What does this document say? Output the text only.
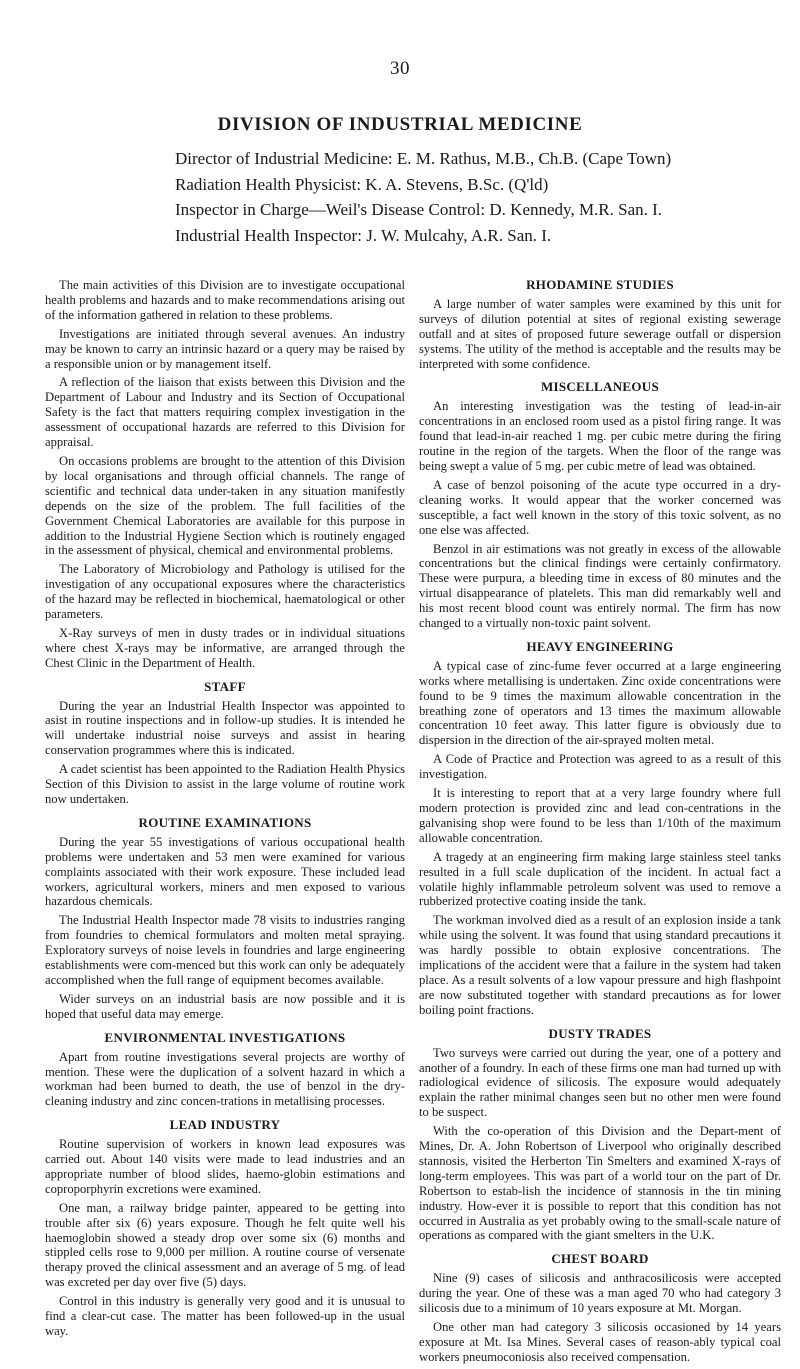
30
DIVISION OF INDUSTRIAL MEDICINE
Director of Industrial Medicine: E. M. Rathus, M.B., Ch.B. (Cape Town)
Radiation Health Physicist: K. A. Stevens, B.Sc. (Q'ld)
Inspector in Charge—Weil's Disease Control: D. Kennedy, M.R. San. I.
Industrial Health Inspector: J. W. Mulcahy, A.R. San. I.

The main activities of this Division are to investigate occupational health problems and hazards and to make recommendations arising out of the information gathered in relation to these problems.

Investigations are initiated through several avenues. An industry may be known to carry an intrinsic hazard or a query may be raised by a responsible union or by management itself.

A reflection of the liaison that exists between this Division and the Department of Labour and Industry and its Section of Occupational Safety is the fact that matters requiring complex investigation in the assessment of occupational hazards are referred to this Division for appraisal.

On occasions problems are brought to the attention of this Division by local organisations and through official channels. The range of scientific and technical data under-taken in any situation manifestly depends on the size of the problem. The full facilities of the Government Chemical Laboratories are available for this purpose in addition to the Industrial Hygiene Section which is routinely engaged in the assessment of physical, chemical and environmental problems.

The Laboratory of Microbiology and Pathology is utilised for the investigation of any occupational exposures where the characteristics of the hazard may be reflected in biochemical, haematological or other parameters.

X-Ray surveys of men in dusty trades or in individual situations where chest X-rays may be informative, are arranged through the Chest Clinic in the Department of Health.

STAFF

During the year an Industrial Health Inspector was appointed to asist in routine inspections and in follow-up studies. It is intended he will undertake industrial noise surveys and assist in hearing conservation programmes where this is indicated.

A cadet scientist has been appointed to the Radiation Health Physics Section of this Division to assist in the large volume of routine work now undertaken.

ROUTINE EXAMINATIONS

During the year 55 investigations of various occupational health problems were undertaken and 53 men were examined for various complaints associated with their work exposure. These included lead workers, agricultural workers, miners and men exposed to various hazardous chemicals.

The Industrial Health Inspector made 78 visits to industries ranging from foundries to chemical formulators and molten metal spraying. Exploratory surveys of noise levels in foundries and large engineering establishments were com-menced but this work can only be adequately accomplished when the full range of equipment becomes available.

Wider surveys on an industrial basis are now possible and it is hoped that useful data may emerge.

ENVIRONMENTAL INVESTIGATIONS

Apart from routine investigations several projects are worthy of mention. These were the duplication of a solvent hazard in which a workman had been burned to death, the use of benzol in the dry-cleaning industry and zinc concen-trations in metallising processes.

LEAD INDUSTRY

Routine supervision of workers in known lead exposures was carried out. About 140 visits were made to lead industries and an appropriate number of blood slides, haemo-globin estimations and coproporphyrin excretions were examined.

One man, a railway bridge painter, appeared to be getting into trouble after six (6) years exposure. Though he felt quite well his haemoglobin showed a steady drop over some six (6) months and stippled cells rose to 9,000 per million. A routine course of versenate therapy proved the clinical assessment and an average of 5 mg. of lead was excreted per day over five (5) days.

Control in this industry is generally very good and it is unusual to find a clear-cut case. The matter has been followed-up in the usual way.

RHODAMINE STUDIES

A large number of water samples were examined by this unit for surveys of dilution potential at sites of regional existing sewerage outfall and at sites of proposed future sewerage outfall or dispersion systems. The utility of the method is acceptable and the results may be interpreted with some confidence.

MISCELLANEOUS

An interesting investigation was the testing of lead-in-air concentrations in an enclosed room used as a pistol firing range. It was found that lead-in-air reached 1 mg. per cubic metre during the firing routine in the region of the targets. When the floor of the range was being swept a value of 5 mg. per cubic metre of lead was obtained.

A case of benzol poisoning of the acute type occurred in a dry-cleaning works. It would appear that the worker concerned was susceptible, a fact well known in the story of this toxic solvent, as no one else was affected.

Benzol in air estimations was not greatly in excess of the allowable concentrations but the clinical findings were certainly confirmatory. These were purpura, a bleeding time in excess of 80 minutes and the virtual disappearance of platelets. This man did remarkably well and his most recent blood count was entirely normal. The firm has now changed to a virtually non-toxic paint solvent.

HEAVY ENGINEERING

A typical case of zinc-fume fever occurred at a large engineering works where metallising is undertaken. Zinc oxide concentrations were found to be 9 times the maximum allowable concentration in the breathing zone of operators and 13 times the maximum allowable concentration 10 feet away. This latter figure is obviously due to dispersion in the direction of the air-sprayed molten metal.

A Code of Practice and Protection was agreed to as a result of this investigation.

It is interesting to report that at a very large foundry where full modern protection is provided zinc and lead con-centrations in the galvanising shop were found to be less than 1/10th of the maximum allowable concentration.

A tragedy at an engineering firm making large stainless steel tanks resulted in a full scale duplication of the incident. In actual fact a volatile highly inflammable petroleum solvent was used to remove a rubberized protective coating inside the tank.

The workman involved died as a result of an explosion inside a tank while using the solvent. It was found that using standard precautions it was hardly possible to obtain explosive concentrations. The implications of the accident were that a failure in the system had taken place. As a result solvents of a low vapour pressure and high flashpoint are now substituted together with standard precautions as for lower boiling point fractions.

DUSTY TRADES

Two surveys were carried out during the year, one of a pottery and another of a foundry. In each of these firms one man had turned up with radiological evidence of silicosis. The exposure would adequately explain the rather minimal changes seen but no other men were found to be suspect.

With the co-operation of this Division and the Depart-ment of Mines, Dr. A. John Robertson of Liverpool who originally described stannosis, visited the Herberton Tin Smelters and examined X-rays of long-term employees. This was part of a world tour on the part of Dr. Robertson to estab-lish the incidence of stannosis in the tin mining industry. How-ever it is possible to report that this condition has not occurred in Australia as yet probably owing to the small-scale nature of operations as compared with the giant smelters in the U.K.

CHEST BOARD

Nine (9) cases of silicosis and anthracosilicosis were accepted during the year. One of these was a man aged 70 who had category 3 silicosis due to a minimum of 10 years exposure at Mt. Morgan.

One other man had category 3 silicosis occasioned by 14 years exposure at Mt. Isa Mines. Several cases of reason-ably typical coal workers pneumoconiosis also received compensation.
